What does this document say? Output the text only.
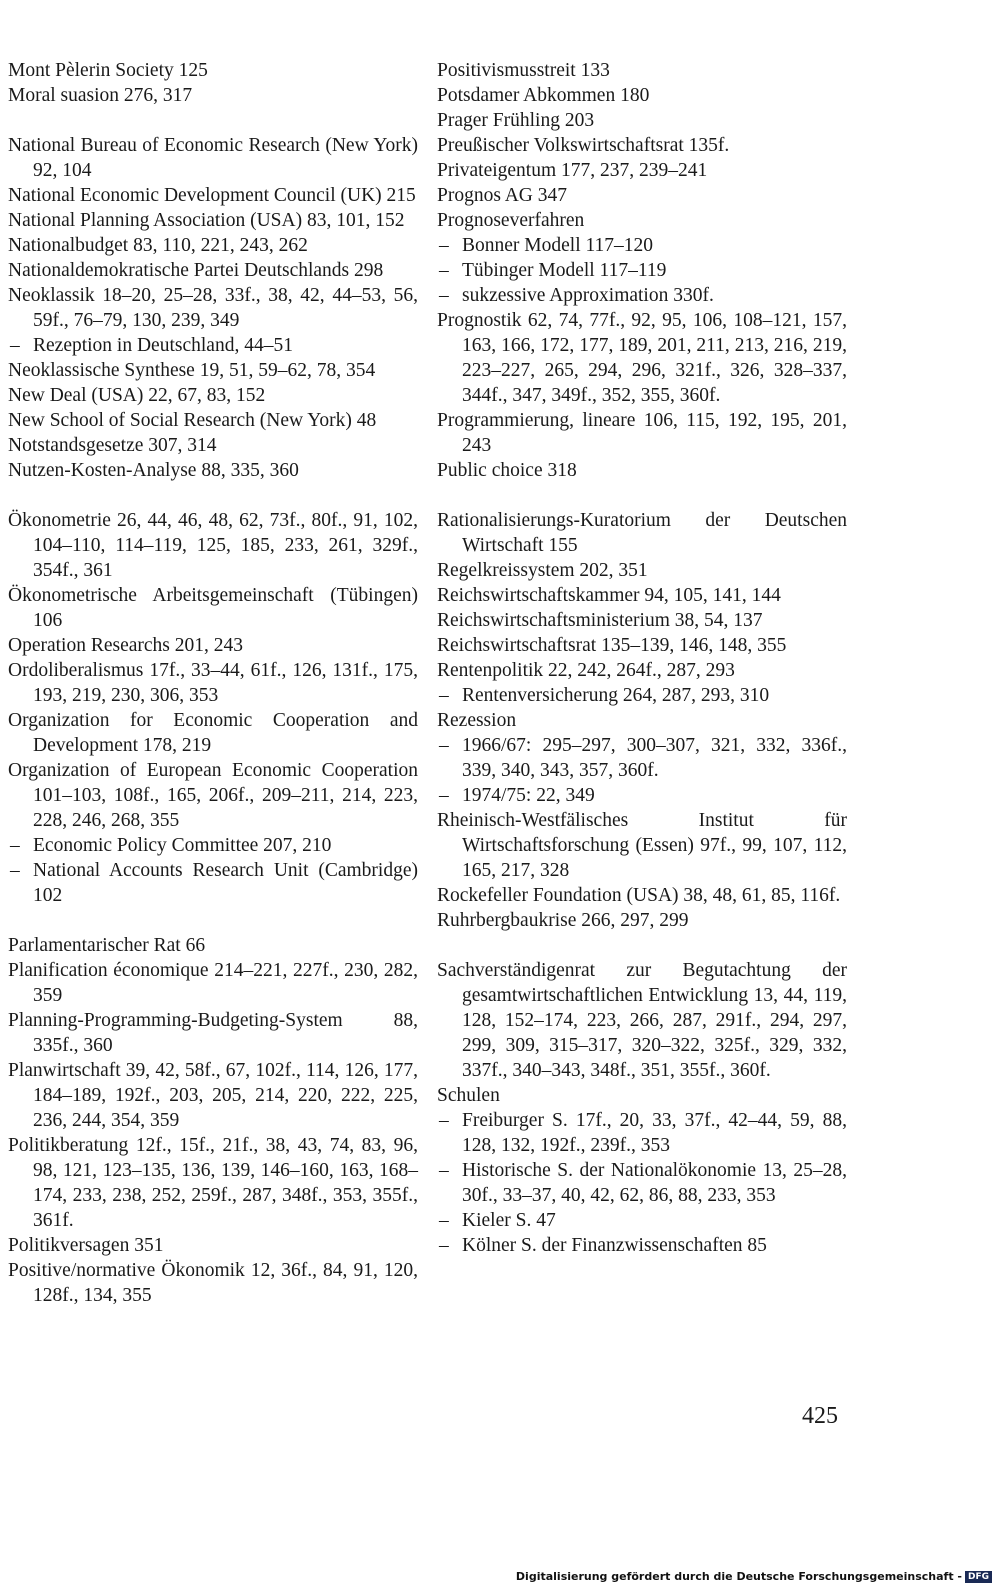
Mont Pèlerin Society 125

Moral suasion 276, 317

National Bureau of Economic Research (New York) 92, 104

National Economic Development Council (UK) 215

National Planning Association (USA) 83, 101, 152

Nationalbudget 83, 110, 221, 243, 262

Nationaldemokratische Partei Deutschlands 298

Neoklassik 18–20, 25–28, 33f., 38, 42, 44–53, 56, 59f., 76–79, 130, 239, 349

– Rezeption in Deutschland, 44–51

Neoklassische Synthese 19, 51, 59–62, 78, 354

New Deal (USA) 22, 67, 83, 152

New School of Social Research (New York) 48

Notstandsgesetze 307, 314

Nutzen-Kosten-Analyse 88, 335, 360

Ökonometrie 26, 44, 46, 48, 62, 73f., 80f., 91, 102, 104–110, 114–119, 125, 185, 233, 261, 329f., 354f., 361

Ökonometrische Arbeitsgemeinschaft (Tübingen) 106

Operation Researchs 201, 243

Ordoliberalismus 17f., 33–44, 61f., 126, 131f., 175, 193, 219, 230, 306, 353

Organization for Economic Cooperation and Development 178, 219

Organization of European Economic Cooperation 101–103, 108f., 165, 206f., 209–211, 214, 223, 228, 246, 268, 355

– Economic Policy Committee 207, 210

– National Accounts Research Unit (Cambridge) 102

Parlamentarischer Rat 66

Planification économique 214–221, 227f., 230, 282, 359

Planning-Programming-Budgeting-System 88, 335f., 360

Planwirtschaft 39, 42, 58f., 67, 102f., 114, 126, 177, 184–189, 192f., 203, 205, 214, 220, 222, 225, 236, 244, 354, 359

Politikberatung 12f., 15f., 21f., 38, 43, 74, 83, 96, 98, 121, 123–135, 136, 139, 146–160, 163, 168–174, 233, 238, 252, 259f., 287, 348f., 353, 355f., 361f.

Politikversagen 351

Positive/normative Ökonomik 12, 36f., 84, 91, 120, 128f., 134, 355

Positivismusstreit 133

Potsdamer Abkommen 180

Prager Frühling 203

Preußischer Volkswirtschaftsrat 135f.

Privateigentum 177, 237, 239–241

Prognos AG 347

Prognoseverfahren

– Bonner Modell 117–120

– Tübinger Modell 117–119

– sukzessive Approximation 330f.

Prognostik 62, 74, 77f., 92, 95, 106, 108–121, 157, 163, 166, 172, 177, 189, 201, 211, 213, 216, 219, 223–227, 265, 294, 296, 321f., 326, 328–337, 344f., 347, 349f., 352, 355, 360f.

Programmierung, lineare 106, 115, 192, 195, 201, 243

Public choice 318

Rationalisierungs-Kuratorium der Deutschen Wirtschaft 155

Regelkreissystem 202, 351

Reichswirtschaftskammer 94, 105, 141, 144

Reichswirtschaftsministerium 38, 54, 137

Reichswirtschaftsrat 135–139, 146, 148, 355

Rentenpolitik 22, 242, 264f., 287, 293

– Rentenversicherung 264, 287, 293, 310

Rezession

– 1966/67: 295–297, 300–307, 321, 332, 336f., 339, 340, 343, 357, 360f.

– 1974/75: 22, 349

Rheinisch-Westfälisches Institut für Wirtschaftsforschung (Essen) 97f., 99, 107, 112, 165, 217, 328

Rockefeller Foundation (USA) 38, 48, 61, 85, 116f.

Ruhrbergbaukrise 266, 297, 299

Sachverständigenrat zur Begutachtung der gesamtwirtschaftlichen Entwicklung 13, 44, 119, 128, 152–174, 223, 266, 287, 291f., 294, 297, 299, 309, 315–317, 320–322, 325f., 329, 332, 337f., 340–343, 348f., 351, 355f., 360f.

Schulen

– Freiburger S. 17f., 20, 33, 37f., 42–44, 59, 88, 128, 132, 192f., 239f., 353

– Historische S. der Nationalökonomie 13, 25–28, 30f., 33–37, 40, 42, 62, 86, 88, 233, 353

– Kieler S. 47

– Kölner S. der Finanzwissenschaften 85

425
Digitalisierung gefördert durch die Deutsche Forschungsgemeinschaft - DFG
